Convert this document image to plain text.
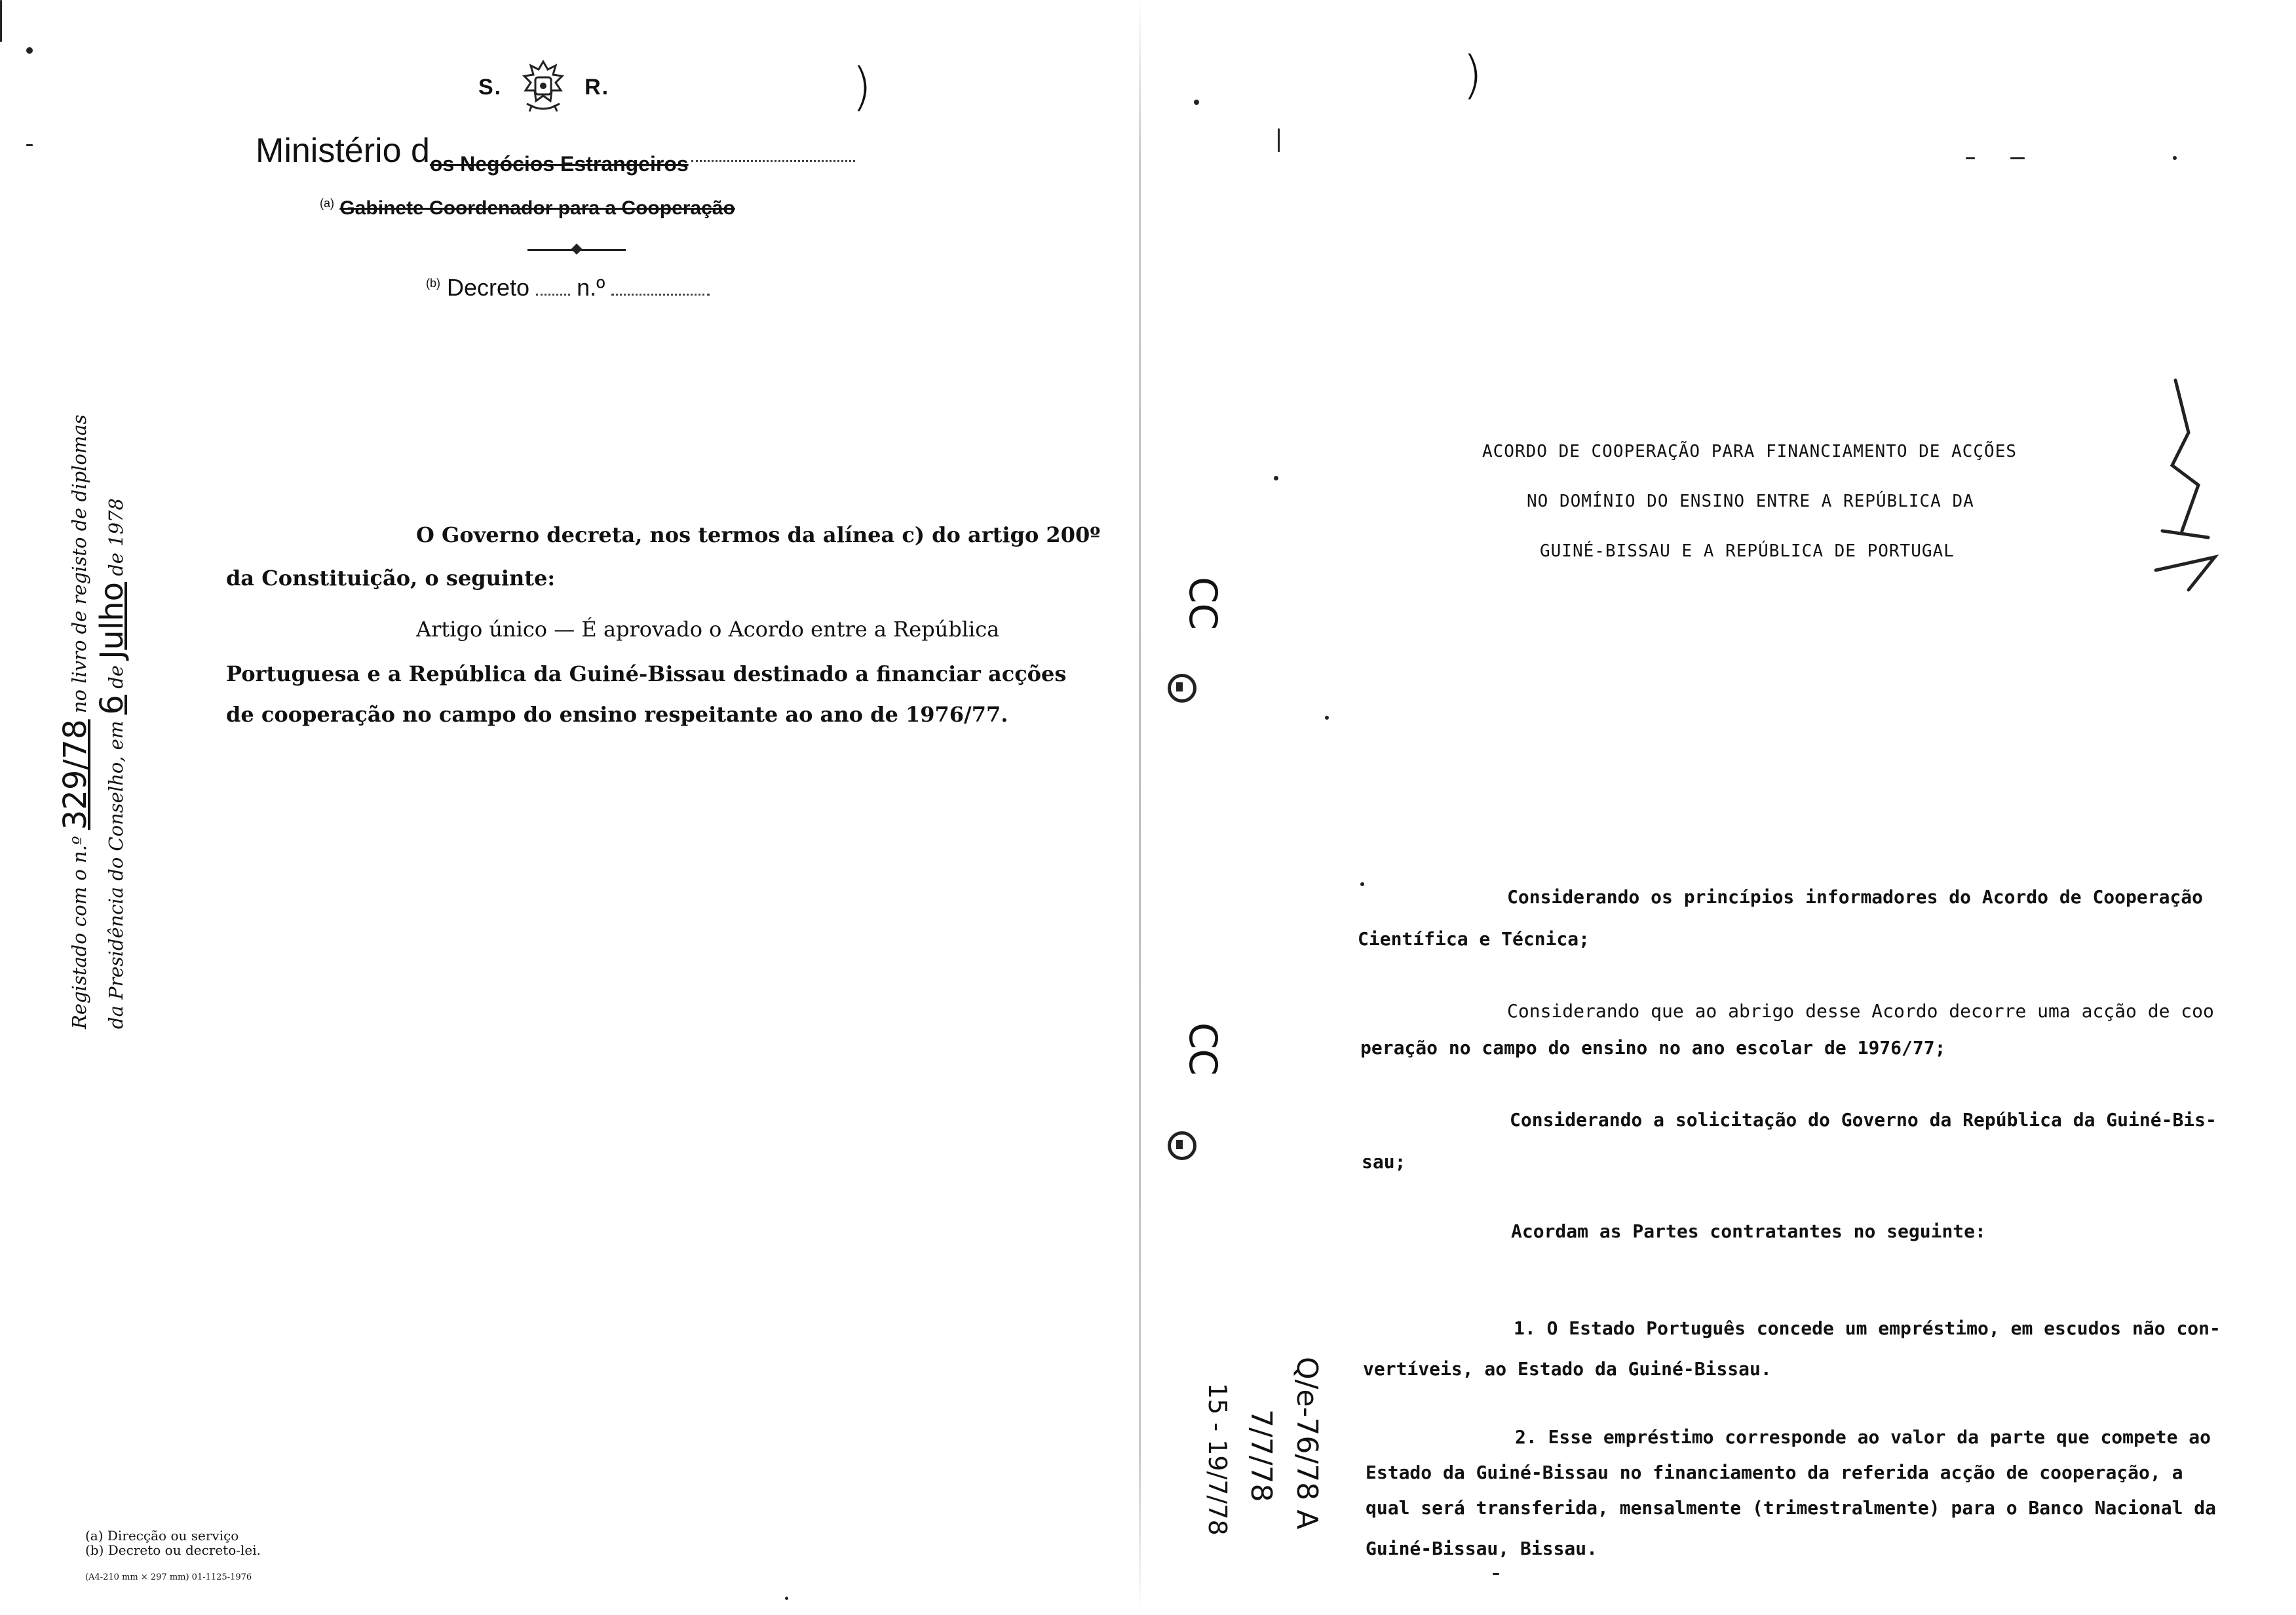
S.	R.	)
Ministério $d_{os Negócios Estrangeiros}$
$^{(a)}$ Gabinete Coordenador para a Cooperação
$^{(b)}$ Decreto n.º
O Governo decreta, nos termos da alínea c) do artigo 200º
da Constituição, o seguinte:
Artigo único — É aprovado o Acordo entre a República
Portuguesa e a República da Guiné-Bissau destinado a financiar acções
de cooperação no campo do ensino respeitante ao ano de 1976/77.
Registado com o n.º 329/78 no livro de registo de diplomas
da Presidência do Conselho, em 6 de Julho de 1978
(a) Direcção ou serviço
(b) Decreto ou decreto-lei.
(A4-210 mm × 297 mm) 01-1125-1976
)
ACORDO DE COOPERAÇÃO PARA FINANCIAMENTO DE ACÇÕES
NO DOMÍNIO DO ENSINO ENTRE A REPÚBLICA DA
GUINÉ-BISSAU E A REPÚBLICA DE PORTUGAL
Considerando os princípios informadores do Acordo de Cooperação
Científica e Técnica;
Considerando que ao abrigo desse Acordo decorre uma acção de coo
peração no campo do ensino no ano escolar de 1976/77;
Considerando a solicitação do Governo da República da Guiné-Bis-
sau;
Acordam as Partes contratantes no seguinte:
1. O Estado Português concede um empréstimo, em escudos não con-
vertíveis, ao Estado da Guiné-Bissau.
2. Esse empréstimo corresponde ao valor da parte que compete ao
Estado da Guiné-Bissau no financiamento da referida acção de cooperação, a
qual será transferida, mensalmente (trimestralmente) para o Banco Nacional da
Guiné-Bissau, Bissau.
CC
CC
Q/e-76/78 A
7/7/78
15 - 19/7/78
